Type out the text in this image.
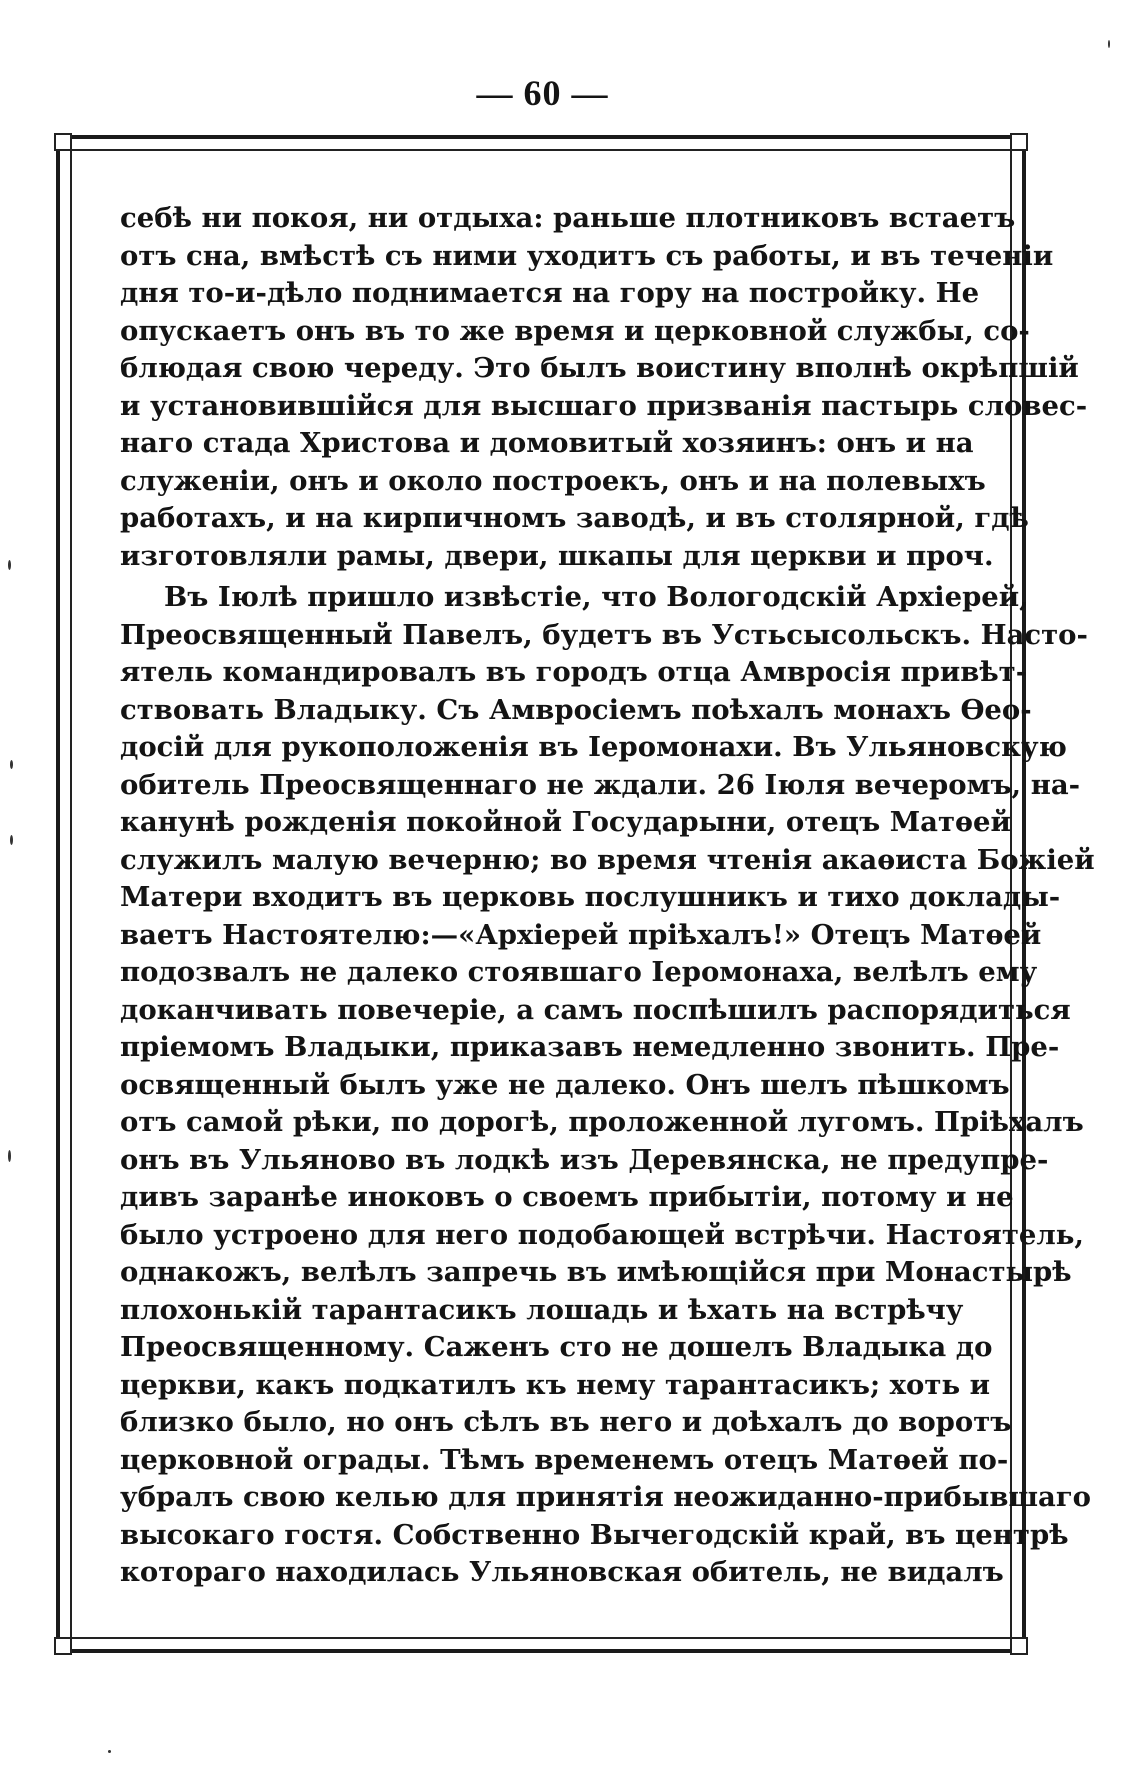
— 60 —

себѣ ни покоя, ни отдыха: раньше плотниковъ встаетъ
отъ сна, вмѣстѣ съ ними уходитъ съ работы, и въ теченіи
дня то-и-дѣло поднимается на гору на постройку. Не
опускаетъ онъ въ то же время и церковной службы, со-
блюдая свою череду. Это былъ воистину вполнѣ окрѣпшій
и установившійся для высшаго призванія пастырь словес-
наго стада Христова и домовитый хозяинъ: онъ и на
служеніи, онъ и около построекъ, онъ и на полевыхъ
работахъ, и на кирпичномъ заводѣ, и въ столярной, гдѣ
изготовляли рамы, двери, шкапы для церкви и проч.

Въ Іюлѣ пришло извѣстіе, что Вологодскій Архіерей,
Преосвященный Павелъ, будетъ въ Устьсысольскъ. Насто-
ятель командировалъ въ городъ отца Амвросія привѣт-
ствовать Владыку. Съ Амвросіемъ поѣхалъ монахъ Ѳео-
досій для рукоположенія въ Іеромонахи. Въ Ульяновскую
обитель Преосвященнаго не ждали. 26 Іюля вечеромъ, на-
канунѣ рожденія покойной Государыни, отецъ Матѳей
служилъ малую вечерню; во время чтенія акаѳиста Божіей
Матери входитъ въ церковь послушникъ и тихо доклады-
ваетъ Настоятелю:—«Архіерей пріѣхалъ!» Отецъ Матѳей
подозвалъ не далеко стоявшаго Іеромонаха, велѣлъ ему
доканчивать повечеріе, а самъ поспѣшилъ распорядиться
пріемомъ Владыки, приказавъ немедленно звонить. Пре-
освященный былъ уже не далеко. Онъ шелъ пѣшкомъ
отъ самой рѣки, по дорогѣ, проложенной лугомъ. Пріѣхалъ
онъ въ Ульяново въ лодкѣ изъ Деревянска, не предупре-
дивъ заранѣе иноковъ о своемъ прибытіи, потому и не
было устроено для него подобающей встрѣчи. Настоятель,
однакожъ, велѣлъ запречь въ имѣющійся при Монастырѣ
плохонькій тарантасикъ лошадь и ѣхать на встрѣчу
Преосвященному. Саженъ сто не дошелъ Владыка до
церкви, какъ подкатилъ къ нему тарантасикъ; хоть и
близко было, но онъ сѣлъ въ него и доѣхалъ до воротъ
церковной ограды. Тѣмъ временемъ отецъ Матѳей по-
убралъ свою келью для принятія неожиданно-прибывшаго
высокаго гостя. Собственно Вычегодскій край, въ центрѣ
котораго находилась Ульяновская обитель, не видалъ
